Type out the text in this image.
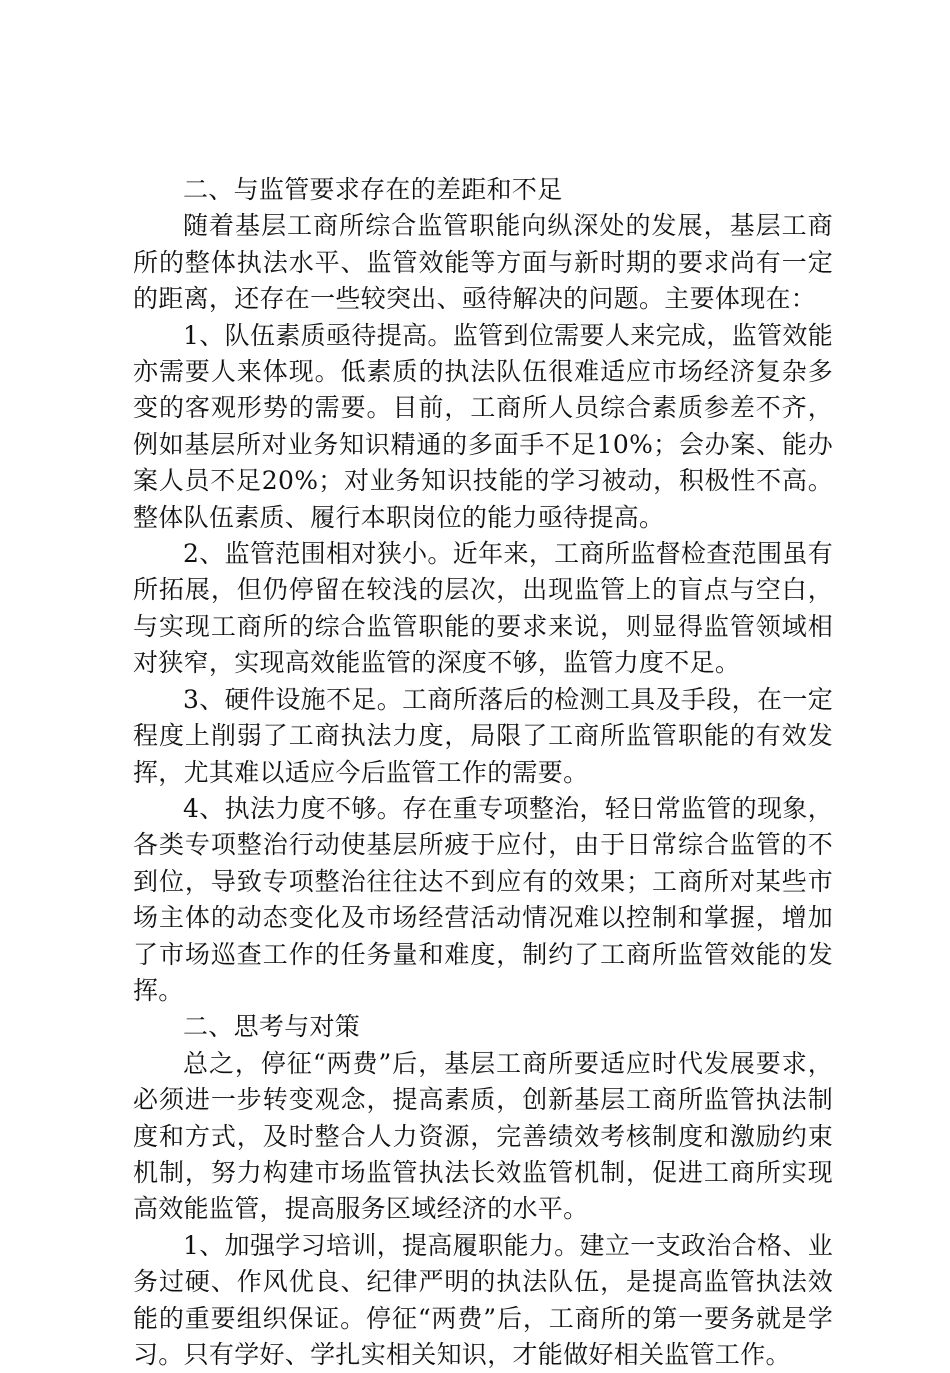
二、与监管要求存在的差距和不足

随着基层工商所综合监管职能向纵深处的发展，基层工商所的整体执法水平、监管效能等方面与新时期的要求尚有一定的距离，还存在一些较突出、亟待解决的问题。主要体现在：

1、队伍素质亟待提高。监管到位需要人来完成，监管效能亦需要人来体现。低素质的执法队伍很难适应市场经济复杂多变的客观形势的需要。目前，工商所人员综合素质参差不齐，例如基层所对业务知识精通的多面手不足10%；会办案、能办案人员不足20%；对业务知识技能的学习被动，积极性不高。整体队伍素质、履行本职岗位的能力亟待提高。

2、监管范围相对狭小。近年来，工商所监督检查范围虽有所拓展，但仍停留在较浅的层次，出现监管上的盲点与空白，与实现工商所的综合监管职能的要求来说，则显得监管领域相对狭窄，实现高效能监管的深度不够，监管力度不足。

3、硬件设施不足。工商所落后的检测工具及手段，在一定程度上削弱了工商执法力度，局限了工商所监管职能的有效发挥，尤其难以适应今后监管工作的需要。

4、执法力度不够。存在重专项整治，轻日常监管的现象，各类专项整治行动使基层所疲于应付，由于日常综合监管的不到位，导致专项整治往往达不到应有的效果；工商所对某些市场主体的动态变化及市场经营活动情况难以控制和掌握，增加了市场巡查工作的任务量和难度，制约了工商所监管效能的发挥。

二、思考与对策

总之，停征“两费”后，基层工商所要适应时代发展要求，必须进一步转变观念，提高素质，创新基层工商所监管执法制度和方式，及时整合人力资源，完善绩效考核制度和激励约束机制，努力构建市场监管执法长效监管机制，促进工商所实现高效能监管，提高服务区域经济的水平。

1、加强学习培训，提高履职能力。建立一支政治合格、业务过硬、作风优良、纪律严明的执法队伍，是提高监管执法效能的重要组织保证。停征“两费”后，工商所的第一要务就是学习。只有学好、学扎实相关知识，才能做好相关监管工作。
